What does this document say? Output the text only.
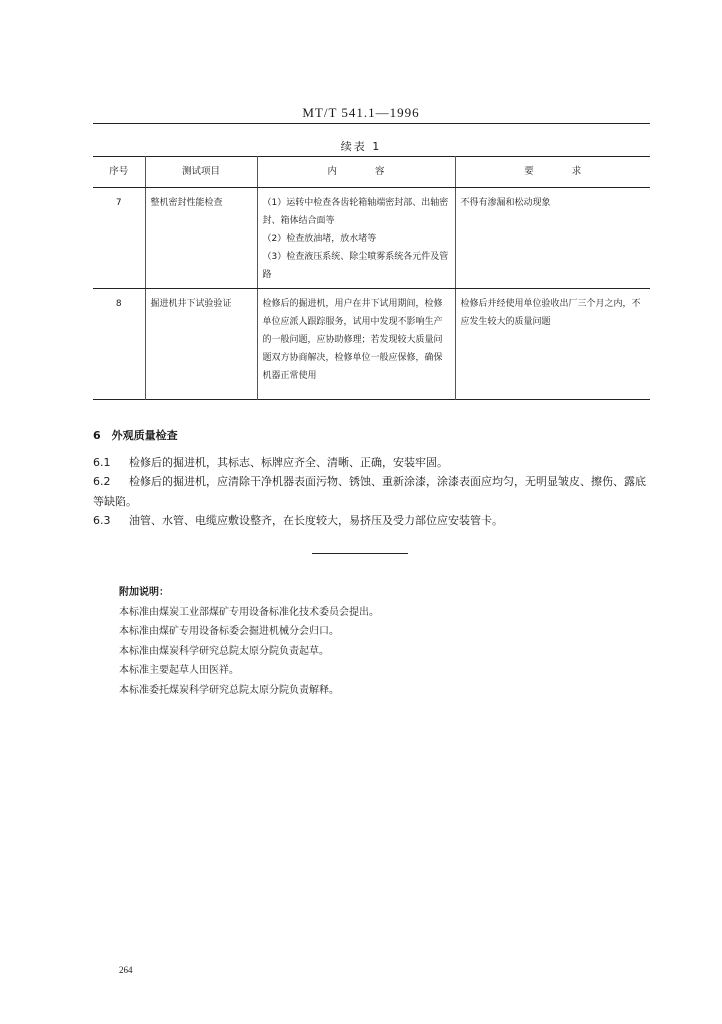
MT/T 541.1—1996
续表 1
序号	测试项目	内　　　　容	要　　　　求
7	整机密封性能检查	（1）运转中检查各齿轮箱轴端密封部、出轴密封、箱体结合面等
（2）检查放油堵，放水堵等
（3）检查液压系统、除尘喷雾系统各元件及管路	不得有渗漏和松动现象
8	掘进机井下试验验证	检修后的掘进机，用户在井下试用期间，检修单位应派人跟踪服务，试用中发现不影响生产的一般问题，应协助修理；若发现较大质量问题双方协商解决，检修单位一般应保修，确保机器正常使用	检修后并经使用单位验收出厂三个月之内，不应发生较大的质量问题
6　外观质量检查
6.1 检修后的掘进机，其标志、标牌应齐全、清晰、正确，安装牢固。
6.2 检修后的掘进机，应清除干净机器表面污物、锈蚀、重新涂漆，涂漆表面应均匀，无明显皱皮、擦伤、露底等缺陷。
6.3 油管、水管、电缆应敷设整齐，在长度较大，易挤压及受力部位应安装管卡。
附加说明：
本标准由煤炭工业部煤矿专用设备标准化技术委员会提出。
本标准由煤矿专用设备标委会掘进机械分会归口。
本标准由煤炭科学研究总院太原分院负责起草。
本标准主要起草人田医祥。
本标准委托煤炭科学研究总院太原分院负责解释。
264
